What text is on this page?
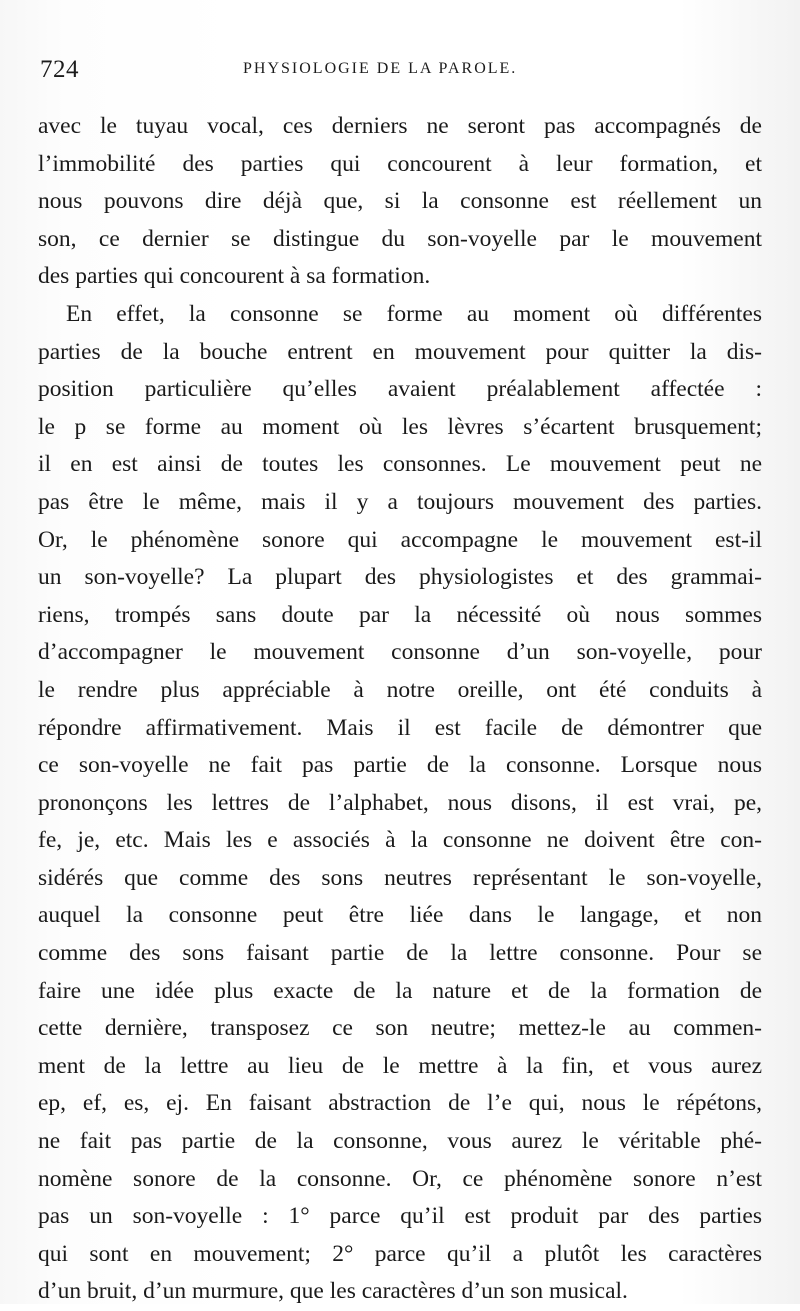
724	PHYSIOLOGIE DE LA PAROLE.
avec le tuyau vocal, ces derniers ne seront pas accompagnés de
l’immobilité des parties qui concourent à leur formation, et
nous pouvons dire déjà que, si la consonne est réellement un
son, ce dernier se distingue du son-voyelle par le mouvement
des parties qui concourent à sa formation.
En effet, la consonne se forme au moment où différentes
parties de la bouche entrent en mouvement pour quitter la dis-
position particulière qu’elles avaient préalablement affectée :
le p se forme au moment où les lèvres s’écartent brusquement;
il en est ainsi de toutes les consonnes. Le mouvement peut ne
pas être le même, mais il y a toujours mouvement des parties.
Or, le phénomène sonore qui accompagne le mouvement est-il
un son-voyelle? La plupart des physiologistes et des grammai-
riens, trompés sans doute par la nécessité où nous sommes
d’accompagner le mouvement consonne d’un son-voyelle, pour
le rendre plus appréciable à notre oreille, ont été conduits à
répondre affirmativement. Mais il est facile de démontrer que
ce son-voyelle ne fait pas partie de la consonne. Lorsque nous
prononçons les lettres de l’alphabet, nous disons, il est vrai, pe,
fe, je, etc. Mais les e associés à la consonne ne doivent être con-
sidérés que comme des sons neutres représentant le son-voyelle,
auquel la consonne peut être liée dans le langage, et non
comme des sons faisant partie de la lettre consonne. Pour se
faire une idée plus exacte de la nature et de la formation de
cette dernière, transposez ce son neutre; mettez-le au commen-
ment de la lettre au lieu de le mettre à la fin, et vous aurez
ep, ef, es, ej. En faisant abstraction de l’e qui, nous le répétons,
ne fait pas partie de la consonne, vous aurez le véritable phé-
nomène sonore de la consonne. Or, ce phénomène sonore n’est
pas un son-voyelle : 1° parce qu’il est produit par des parties
qui sont en mouvement; 2° parce qu’il a plutôt les caractères
d’un bruit, d’un murmure, que les caractères d’un son musical.
